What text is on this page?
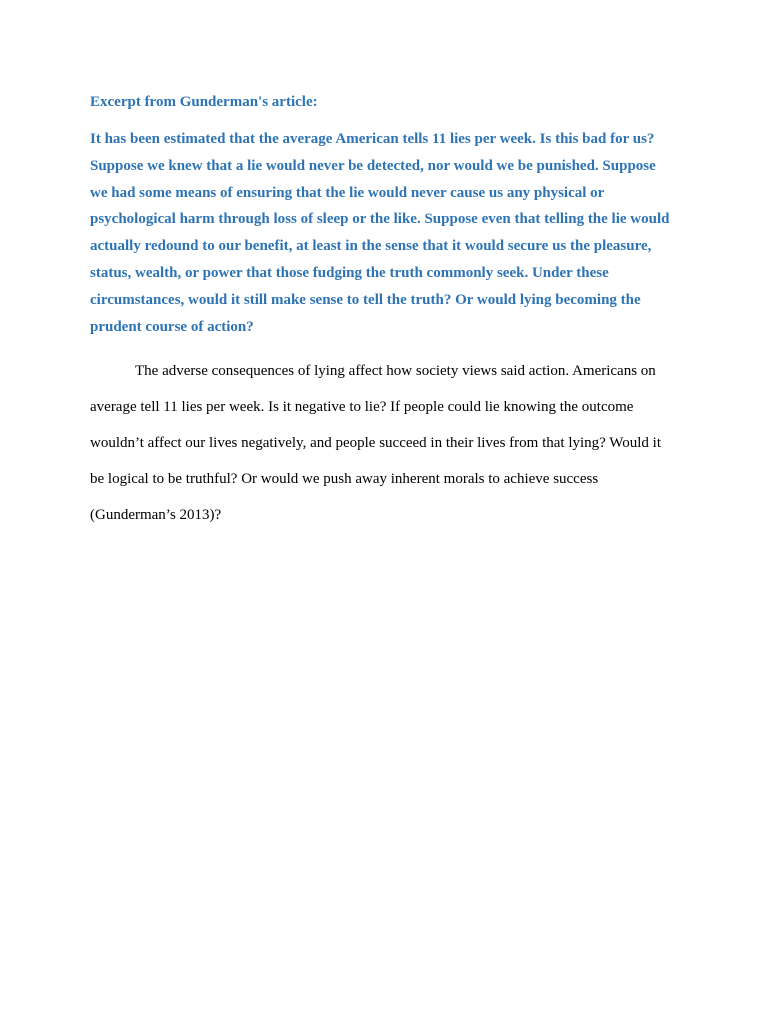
Excerpt from Gunderman's article:

It has been estimated that the average American tells 11 lies per week. Is this bad for us? Suppose we knew that a lie would never be detected, nor would we be punished. Suppose we had some means of ensuring that the lie would never cause us any physical or psychological harm through loss of sleep or the like. Suppose even that telling the lie would actually redound to our benefit, at least in the sense that it would secure us the pleasure, status, wealth, or power that those fudging the truth commonly seek. Under these circumstances, would it still make sense to tell the truth? Or would lying becoming the prudent course of action?

The adverse consequences of lying affect how society views said action. Americans on average tell 11 lies per week. Is it negative to lie? If people could lie knowing the outcome wouldn’t affect our lives negatively, and people succeed in their lives from that lying? Would it be logical to be truthful? Or would we push away inherent morals to achieve success (Gunderman’s 2013)?
